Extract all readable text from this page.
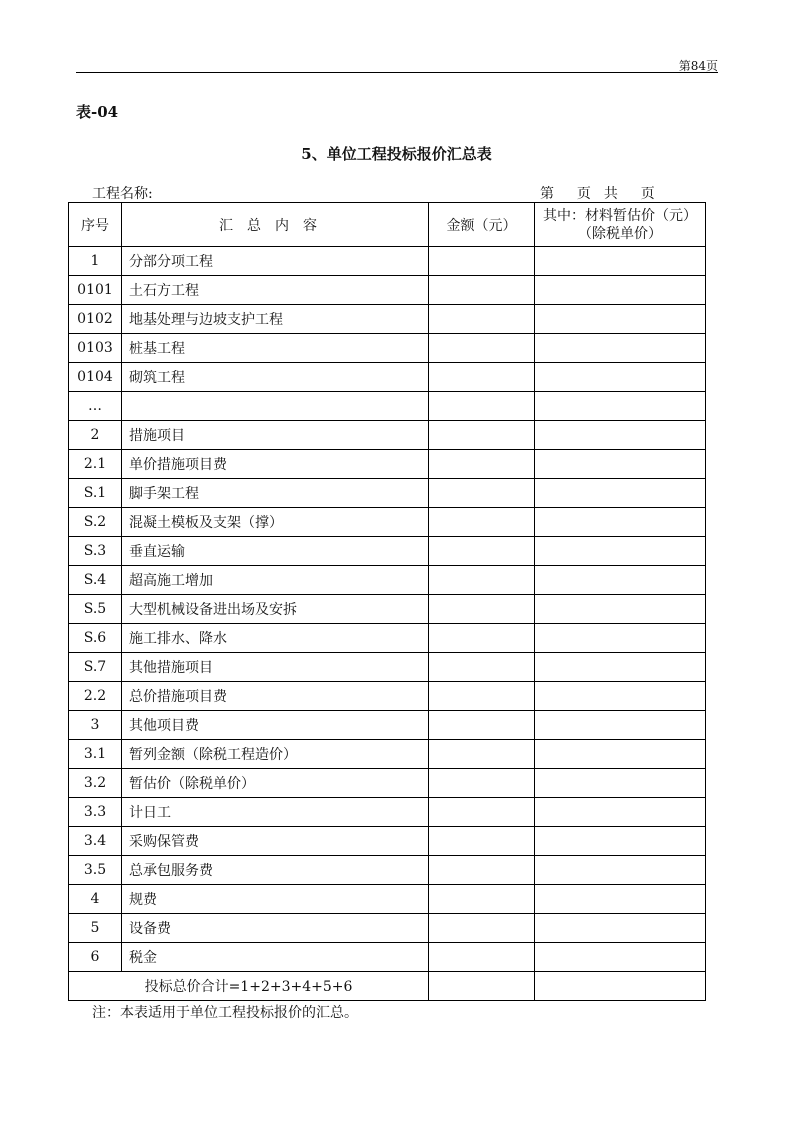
第84页
表-04
5、单位工程投标报价汇总表
工程名称:	第 页 共 页
序号	汇总内容	金额（元）	其中：材料暂估价（元）
（除税单价）

1	分部分项工程		
0101	土石方工程		
0102	地基处理与边坡支护工程		
0103	桩基工程		
0104	砌筑工程		
…			
2	措施项目		
2.1	单价措施项目费		
S.1	脚手架工程		
S.2	混凝土模板及支架（撑）		
S.3	垂直运输		
S.4	超高施工增加		
S.5	大型机械设备进出场及安拆		
S.6	施工排水、降水		
S.7	其他措施项目		
2.2	总价措施项目费		
3	其他项目费		
3.1	暂列金额（除税工程造价）		
3.2	暂估价（除税单价）		
3.3	计日工		
3.4	采购保管费		
3.5	总承包服务费		
4	规费		
5	设备费		
6	税金		
投标总价合计=1+2+3+4+5+6			
注：本表适用于单位工程投标报价的汇总。
